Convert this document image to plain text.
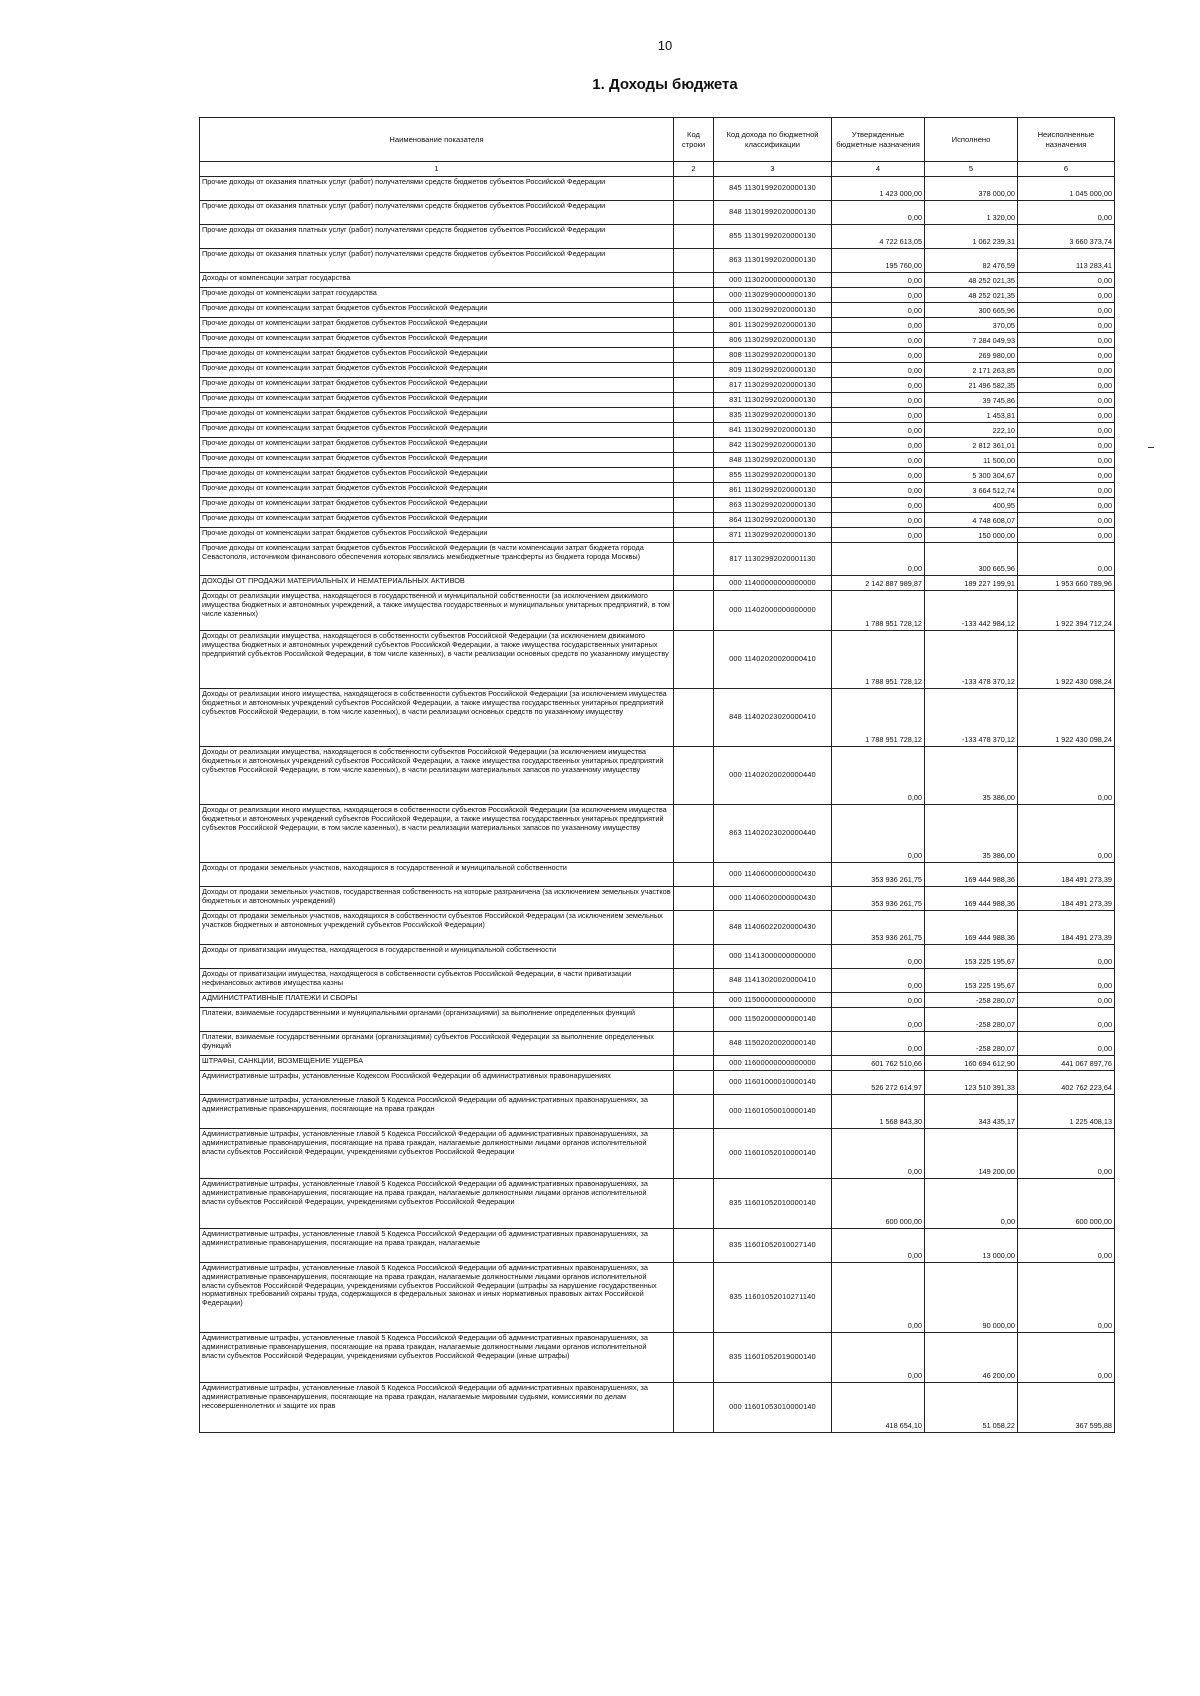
10
1. Доходы бюджета
Наименование показателя	Код строки	Код дохода по бюджетной классификации	Утвержденные бюджетные назначения	Исполнено	Неисполненные назначения
1	2	3	4	5	6
Прочие доходы от оказания платных услуг (работ) получателями средств бюджетов субъектов Российской Федерации		845 11301992020000130	1 423 000,00	378 000,00	1 045 000,00
Прочие доходы от оказания платных услуг (работ) получателями средств бюджетов субъектов Российской Федерации		848 11301992020000130	0,00	1 320,00	0,00
Прочие доходы от оказания платных услуг (работ) получателями средств бюджетов субъектов Российской Федерации		855 11301992020000130	4 722 613,05	1 062 239,31	3 660 373,74
Прочие доходы от оказания платных услуг (работ) получателями средств бюджетов субъектов Российской Федерации		863 11301992020000130	195 760,00	82 476,59	113 283,41
Доходы от компенсации затрат государства		000 11302000000000130	0,00	48 252 021,35	0,00
Прочие доходы от компенсации затрат государства		000 11302990000000130	0,00	48 252 021,35	0,00
Прочие доходы от компенсации затрат бюджетов субъектов Российской Федерации		000 11302992020000130	0,00	300 665,96	0,00
Прочие доходы от компенсации затрат бюджетов субъектов Российской Федерации		801 11302992020000130	0,00	370,05	0,00
Прочие доходы от компенсации затрат бюджетов субъектов Российской Федерации		806 11302992020000130	0,00	7 284 049,93	0,00
Прочие доходы от компенсации затрат бюджетов субъектов Российской Федерации		808 11302992020000130	0,00	269 980,00	0,00
Прочие доходы от компенсации затрат бюджетов субъектов Российской Федерации		809 11302992020000130	0,00	2 171 263,85	0,00
Прочие доходы от компенсации затрат бюджетов субъектов Российской Федерации		817 11302992020000130	0,00	21 496 582,35	0,00
Прочие доходы от компенсации затрат бюджетов субъектов Российской Федерации		831 11302992020000130	0,00	39 745,86	0,00
Прочие доходы от компенсации затрат бюджетов субъектов Российской Федерации		835 11302992020000130	0,00	1 453,81	0,00
Прочие доходы от компенсации затрат бюджетов субъектов Российской Федерации		841 11302992020000130	0,00	222,10	0,00
Прочие доходы от компенсации затрат бюджетов субъектов Российской Федерации		842 11302992020000130	0,00	2 812 361,01	0,00
Прочие доходы от компенсации затрат бюджетов субъектов Российской Федерации		848 11302992020000130	0,00	11 500,00	0,00
Прочие доходы от компенсации затрат бюджетов субъектов Российской Федерации		855 11302992020000130	0,00	5 300 304,67	0,00
Прочие доходы от компенсации затрат бюджетов субъектов Российской Федерации		861 11302992020000130	0,00	3 664 512,74	0,00
Прочие доходы от компенсации затрат бюджетов субъектов Российской Федерации		863 11302992020000130	0,00	400,95	0,00
Прочие доходы от компенсации затрат бюджетов субъектов Российской Федерации		864 11302992020000130	0,00	4 748 608,07	0,00
Прочие доходы от компенсации затрат бюджетов субъектов Российской Федерации		871 11302992020000130	0,00	150 000,00	0,00
Прочие доходы от компенсации затрат бюджетов субъектов Российской Федерации (в части компенсации затрат бюджета города Севастополя, источником финансового обеспечения которых являлись межбюджетные трансферты из бюджета города Москвы)		817 11302992020001130	0,00	300 665,96	0,00
ДОХОДЫ ОТ ПРОДАЖИ МАТЕРИАЛЬНЫХ И НЕМАТЕРИАЛЬНЫХ АКТИВОВ		000 11400000000000000	2 142 887 989,87	189 227 199,91	1 953 660 789,96
Доходы от реализации имущества, находящегося в государственной и муниципальной собственности (за исключением движимого имущества бюджетных и автономных учреждений, а также имущества государственных и муниципальных унитарных предприятий, в том числе казенных)		000 11402000000000000	1 788 951 728,12	-133 442 984,12	1 922 394 712,24
Доходы от реализации имущества, находящегося в собственности субъектов Российской Федерации (за исключением движимого имущества бюджетных и автономных учреждений субъектов Российской Федерации, а также имущества государственных унитарных предприятий субъектов Российской Федерации, в том числе казенных), в части реализации основных средств по указанному имуществу		000 11402020020000410	1 788 951 728,12	-133 478 370,12	1 922 430 098,24
Доходы от реализации иного имущества, находящегося в собственности субъектов Российской Федерации (за исключением имущества бюджетных и автономных учреждений субъектов Российской Федерации, а также имущества государственных унитарных предприятий субъектов Российской Федерации, в том числе казенных), в части реализации основных средств по указанному имуществу		848 11402023020000410	1 788 951 728,12	-133 478 370,12	1 922 430 098,24
Доходы от реализации имущества, находящегося в собственности субъектов Российской Федерации (за исключением имущества бюджетных и автономных учреждений субъектов Российской Федерации, а также имущества государственных унитарных предприятий субъектов Российской Федерации, в том числе казенных), в части реализации материальных запасов по указанному имуществу		000 11402020020000440	0,00	35 386,00	0,00
Доходы от реализации иного имущества, находящегося в собственности субъектов Российской Федерации (за исключением имущества бюджетных и автономных учреждений субъектов Российской Федерации, а также имущества государственных унитарных предприятий субъектов Российской Федерации, в том числе казенных), в части реализации материальных запасов по указанному имуществу		863 11402023020000440	0,00	35 386,00	0,00
Доходы от продажи земельных участков, находящихся в государственной и муниципальной собственности		000 11406000000000430	353 936 261,75	169 444 988,36	184 491 273,39
Доходы от продажи земельных участков, государственная собственность на которые разграничена (за исключением земельных участков бюджетных и автономных учреждений)		000 11406020000000430	353 936 261,75	169 444 988,36	184 491 273,39
Доходы от продажи земельных участков, находящихся в собственности субъектов Российской Федерации (за исключением земельных участков бюджетных и автономных учреждений субъектов Российской Федерации)		848 11406022020000430	353 936 261,75	169 444 988,36	184 491 273,39
Доходы от приватизации имущества, находящегося в государственной и муниципальной собственности		000 11413000000000000	0,00	153 225 195,67	0,00
Доходы от приватизации имущества, находящегося в собственности субъектов Российской Федерации, в части приватизации нефинансовых активов имущества казны		848 11413020020000410	0,00	153 225 195,67	0,00
АДМИНИСТРАТИВНЫЕ ПЛАТЕЖИ И СБОРЫ		000 11500000000000000	0,00	-258 280,07	0,00
Платежи, взимаемые государственными и муниципальными органами (организациями) за выполнение определенных функций		000 11502000000000140	0,00	-258 280,07	0,00
Платежи, взимаемые государственными органами (организациями) субъектов Российской Федерации за выполнение определенных функций		848 11502020020000140	0,00	-258 280,07	0,00
ШТРАФЫ, САНКЦИИ, ВОЗМЕЩЕНИЕ УЩЕРБА		000 11600000000000000	601 762 510,66	160 694 612,90	441 067 897,76
Административные штрафы, установленные Кодексом Российской Федерации об административных правонарушениях		000 11601000010000140	526 272 614,97	123 510 391,33	402 762 223,64
Административные штрафы, установленные главой 5 Кодекса Российской Федерации об административных правонарушениях, за административные правонарушения, посягающие на права граждан		000 11601050010000140	1 568 843,30	343 435,17	1 225 408,13
Административные штрафы, установленные главой 5 Кодекса Российской Федерации об административных правонарушениях, за административные правонарушения, посягающие на права граждан, налагаемые должностными лицами органов исполнительной власти субъектов Российской Федерации, учреждениями субъектов Российской Федерации		000 11601052010000140	0,00	149 200,00	0,00
Административные штрафы, установленные главой 5 Кодекса Российской Федерации об административных правонарушениях, за административные правонарушения, посягающие на права граждан, налагаемые должностными лицами органов исполнительной власти субъектов Российской Федерации, учреждениями субъектов Российской Федерации		835 11601052010000140	600 000,00	0,00	600 000,00
Административные штрафы, установленные главой 5 Кодекса Российской Федерации об административных правонарушениях, за административные правонарушения, посягающие на права граждан, налагаемые		835 11601052010027140	0,00	13 000,00	0,00
Административные штрафы, установленные главой 5 Кодекса Российской Федерации об административных правонарушениях, за административные правонарушения, посягающие на права граждан, налагаемые должностными лицами органов исполнительной власти субъектов Российской Федерации, учреждениями субъектов Российской Федерации (штрафы за нарушение государственных нормативных требований охраны труда, содержащихся в федеральных законах и иных нормативных правовых актах Российской Федерации)		835 11601052010271140	0,00	90 000,00	0,00
Административные штрафы, установленные главой 5 Кодекса Российской Федерации об административных правонарушениях, за административные правонарушения, посягающие на права граждан, налагаемые должностными лицами органов исполнительной власти субъектов Российской Федерации, учреждениями субъектов Российской Федерации (иные штрафы)		835 11601052019000140	0,00	46 200,00	0,00
Административные штрафы, установленные главой 5 Кодекса Российской Федерации об административных правонарушениях, за административные правонарушения, посягающие на права граждан, налагаемые мировыми судьями, комиссиями по делам несовершеннолетних и защите их прав		000 11601053010000140	418 654,10	51 058,22	367 595,88
